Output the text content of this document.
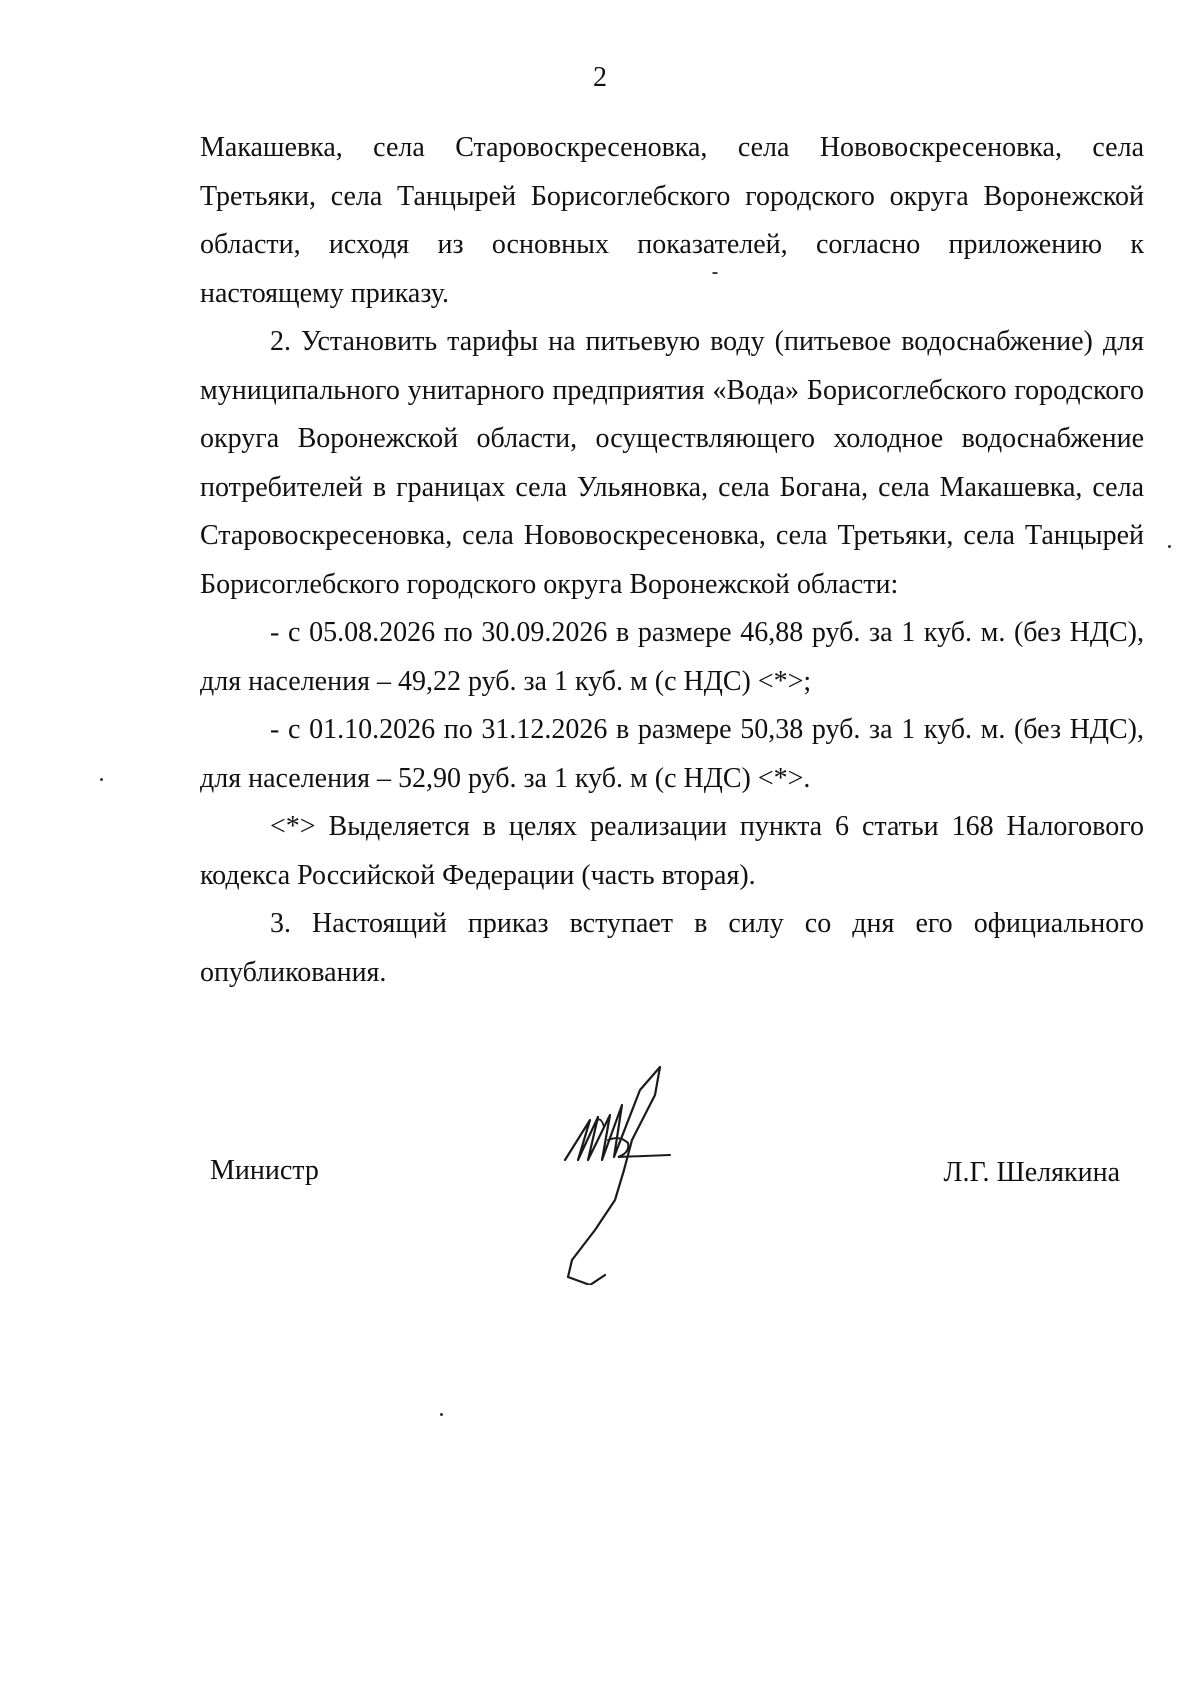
2

Макашевка, села Старовоскресеновка, села Нововоскресеновка, села Третьяки, села Танцырей Борисоглебского городского округа Воронежской области, исходя из основных показателей, согласно приложению к настоящему приказу.

2. Установить тарифы на питьевую воду (питьевое водоснабжение) для муниципального унитарного предприятия «Вода» Борисоглебского городского округа Воронежской области, осуществляющего холодное водоснабжение потребителей в границах села Ульяновка, села Богана, села Макашевка, села Старовоскресеновка, села Нововоскресеновка, села Третьяки, села Танцырей Борисоглебского городского округа Воронежской области:

- с 05.08.2026 по 30.09.2026 в размере 46,88 руб. за 1 куб. м. (без НДС), для населения – 49,22 руб. за 1 куб. м (с НДС) <*>;

- с 01.10.2026 по 31.12.2026 в размере 50,38 руб. за 1 куб. м. (без НДС), для населения – 52,90 руб. за 1 куб. м (с НДС) <*>.

<*> Выделяется в целях реализации пункта 6 статьи 168 Налогового кодекса Российской Федерации (часть вторая).

3. Настоящий приказ вступает в силу со дня его официального опубликования.

Министр	Л.Г. Шелякина
